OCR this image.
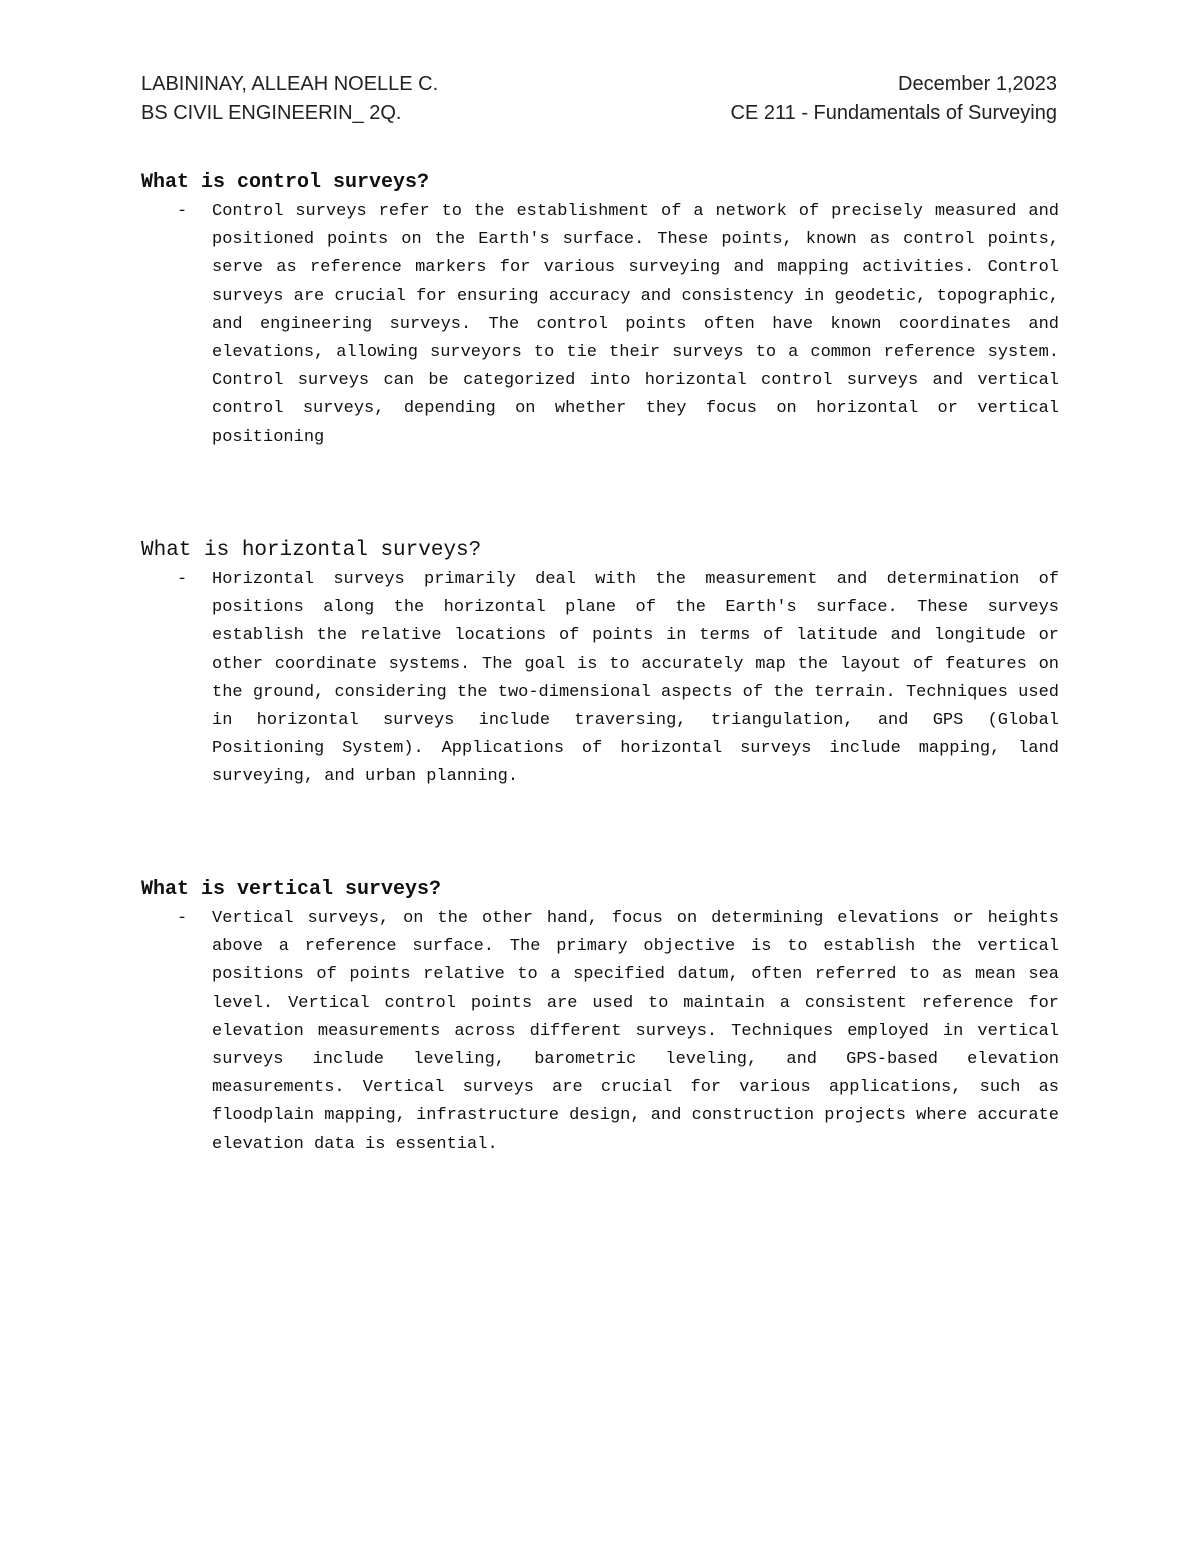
LABININAY, ALLEAH NOELLE C.	December 1,2023
BS CIVIL ENGINEERIN_ 2Q.	CE 211 - Fundamentals of Surveying
What is control surveys?
- Control surveys refer to the establishment of a network of precisely measured and positioned points on the Earth's surface. These points, known as control points, serve as reference markers for various surveying and mapping activities. Control surveys are crucial for ensuring accuracy and consistency in geodetic, topographic, and engineering surveys. The control points often have known coordinates and elevations, allowing surveyors to tie their surveys to a common reference system. Control surveys can be categorized into horizontal control surveys and vertical control surveys, depending on whether they focus on horizontal or vertical positioning

What is horizontal surveys?
- Horizontal surveys primarily deal with the measurement and determination of positions along the horizontal plane of the Earth's surface. These surveys establish the relative locations of points in terms of latitude and longitude or other coordinate systems. The goal is to accurately map the layout of features on the ground, considering the two-dimensional aspects of the terrain. Techniques used in horizontal surveys include traversing, triangulation, and GPS (Global Positioning System). Applications of horizontal surveys include mapping, land surveying, and urban planning.

What is vertical surveys?
- Vertical surveys, on the other hand, focus on determining elevations or heights above a reference surface. The primary objective is to establish the vertical positions of points relative to a specified datum, often referred to as mean sea level. Vertical control points are used to maintain a consistent reference for elevation measurements across different surveys. Techniques employed in vertical surveys include leveling, barometric leveling, and GPS-based elevation measurements. Vertical surveys are crucial for various applications, such as floodplain mapping, infrastructure design, and construction projects where accurate elevation data is essential.
